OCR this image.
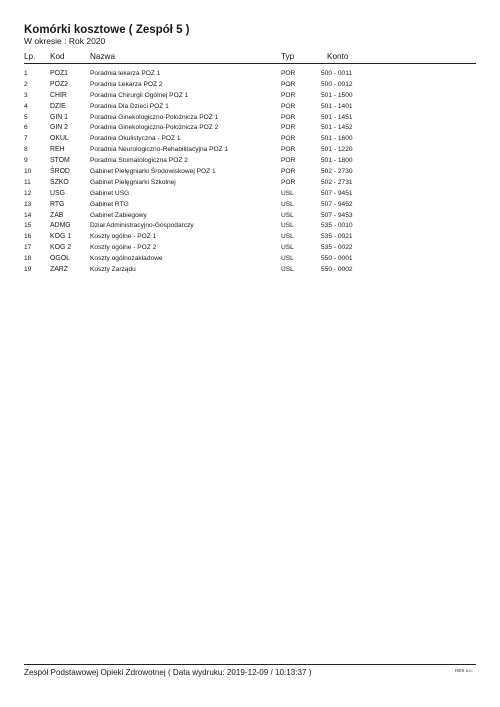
Komórki kosztowe ( Zespół 5 )
W okresie : Rok 2020
Lp.	Kod	Nazwa	Typ	Konto
1	POZ1	Poradnia lekarza POZ 1	POR	500 - 0011
2	POZ2	Poradnia Lekarza POZ 2	POR	500 - 0012
3	CHIR	Poradnia Chirurgii Ogólnej POZ 1	POR	501 - 1500
4	DZIE	Poradnia Dla Dzieci POZ 1	POR	501 - 1401
5	GIN 1	Poradnia Ginekologiczno-Położnicza POZ 1	POR	501 - 1451
6	GIN 2	Poradnia Ginekologiczno-Położnicza POZ 2	POR	501 - 1452
7	OKUL	Poradnia Okulistyczna - POZ 1	POR	501 - 1600
8	REH	Poradnia Neurologiczno-Rehabilitacyjna POZ 1	POR	501 - 1220
9	STOM	Poradnia Stomatologiczna POZ 2	POR	501 - 1800
10	ŚROD	Gabinet Pielęgniarki Środowiskowej POZ 1	POR	502 - 2730
11	SZKO	Gabinet Pielęgniarki Szkolnej	POR	502 - 2731
12	USG	Gabinet USG	USL	507 - 9451
13	RTG	Gabinet RTG	USL	507 - 9452
14	ZAB	Gabinet Zabiegowy	USL	507 - 9453
15	ADMG	Dział Administracyjno-Gospodarczy	USL	535 - 0010
16	KOG 1	Koszty ogólne - POZ 1	USL	535 - 0021
17	KOG 2	Koszty ogólne - POZ 2	USL	535 - 0022
18	OGOL	Koszty ogólnozakładowe	USL	550 - 0001
19	ZARZ	Koszty Zarządu	USL	550 - 0002
Zespół Podstawowej Opieki Zdrowotnej ( Data wydruku: 2019-12-09 / 10:13:37 )	HEX s.c.
